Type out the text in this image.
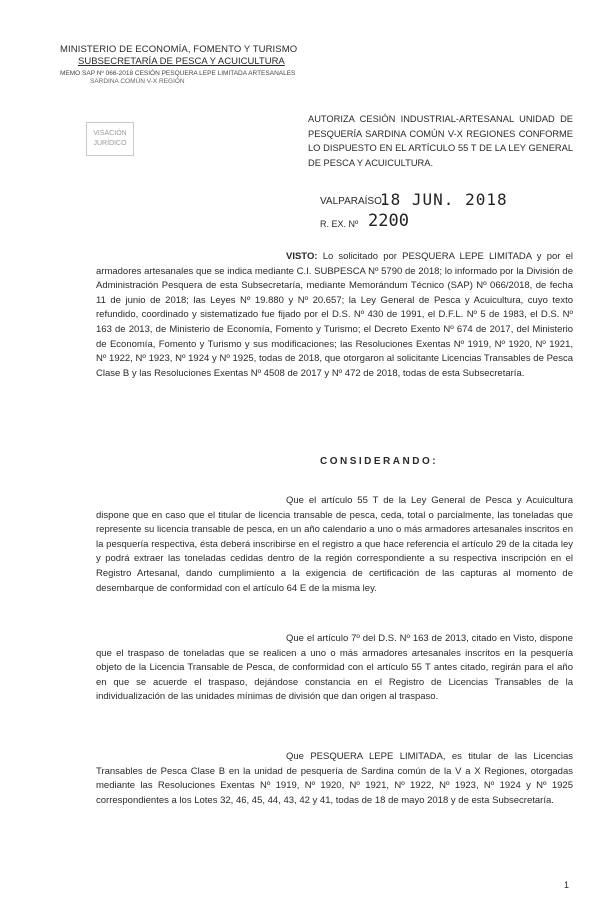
MINISTERIO DE ECONOMÍA, FOMENTO Y TURISMO
SUBSECRETARÍA DE PESCA Y ACUICULTURA
MEMO SAP Nº 066-2018 CESIÓN PESQUERA LEPE LIMITADA ARTESANALES
SARDINA COMÚN V-X REGIÓN
VISACIÓN
JURÍDICO
AUTORIZA CESIÓN INDUSTRIAL-ARTESANAL UNIDAD DE PESQUERÍA SARDINA COMÚN V-X REGIONES CONFORME LO DISPUESTO EN EL ARTÍCULO 55 T DE LA LEY GENERAL DE PESCA Y ACUICULTURA.
VALPARAÍSO,
18 JUN. 2018
R. EX. Nº 2200
VISTO: Lo solicitado por PESQUERA LEPE LIMITADA y por el armadores artesanales que se indica mediante C.I. SUBPESCA Nº 5790 de 2018; lo informado por la División de Administración Pesquera de esta Subsecretaría, mediante Memorándum Técnico (SAP) Nº 066/2018, de fecha 11 de junio de 2018; las Leyes Nº 19.880 y Nº 20.657; la Ley General de Pesca y Acuicultura, cuyo texto refundido, coordinado y sistematizado fue fijado por el D.S. Nº 430 de 1991, el D.F.L. Nº 5 de 1983, el D.S. Nº 163 de 2013, de Ministerio de Economía, Fomento y Turismo; el Decreto Exento Nº 674 de 2017, del Ministerio de Economía, Fomento y Turismo y sus modificaciones; las Resoluciones Exentas Nº 1919, Nº 1920, Nº 1921, Nº 1922, Nº 1923, Nº 1924 y Nº 1925, todas de 2018, que otorgaron al solicitante Licencias Transables de Pesca Clase B y las Resoluciones Exentas Nº 4508 de 2017 y Nº 472 de 2018, todas de esta Subsecretaría.
CONSIDERANDO:
Que el artículo 55 T de la Ley General de Pesca y Acuicultura dispone que en caso que el titular de licencia transable de pesca, ceda, total o parcialmente, las toneladas que represente su licencia transable de pesca, en un año calendario a uno o más armadores artesanales inscritos en la pesquería respectiva, ésta deberá inscribirse en el registro a que hace referencia el artículo 29 de la citada ley y podrá extraer las toneladas cedidas dentro de la región correspondiente a su respectiva inscripción en el Registro Artesanal, dando cumplimiento a la exigencia de certificación de las capturas al momento de desembarque de conformidad con el artículo 64 E de la misma ley.
Que el artículo 7º del D.S. Nº 163 de 2013, citado en Visto, dispone que el traspaso de toneladas que se realicen a uno o más armadores artesanales inscritos en la pesquería objeto de la Licencia Transable de Pesca, de conformidad con el artículo 55 T antes citado, regirán para el año en que se acuerde el traspaso, dejándose constancia en el Registro de Licencias Transables de la individualización de las unidades mínimas de división que dan origen al traspaso.
Que PESQUERA LEPE LIMITADA, es titular de las Licencias Transables de Pesca Clase B en la unidad de pesquería de Sardina común de la V a X Regiones, otorgadas mediante las Resoluciones Exentas Nº 1919, Nº 1920, Nº 1921, Nº 1922, Nº 1923, Nº 1924 y Nº 1925 correspondientes a los Lotes 32, 46, 45, 44, 43, 42 y 41, todas de 18 de mayo 2018 y de esta Subsecretaría.
1
